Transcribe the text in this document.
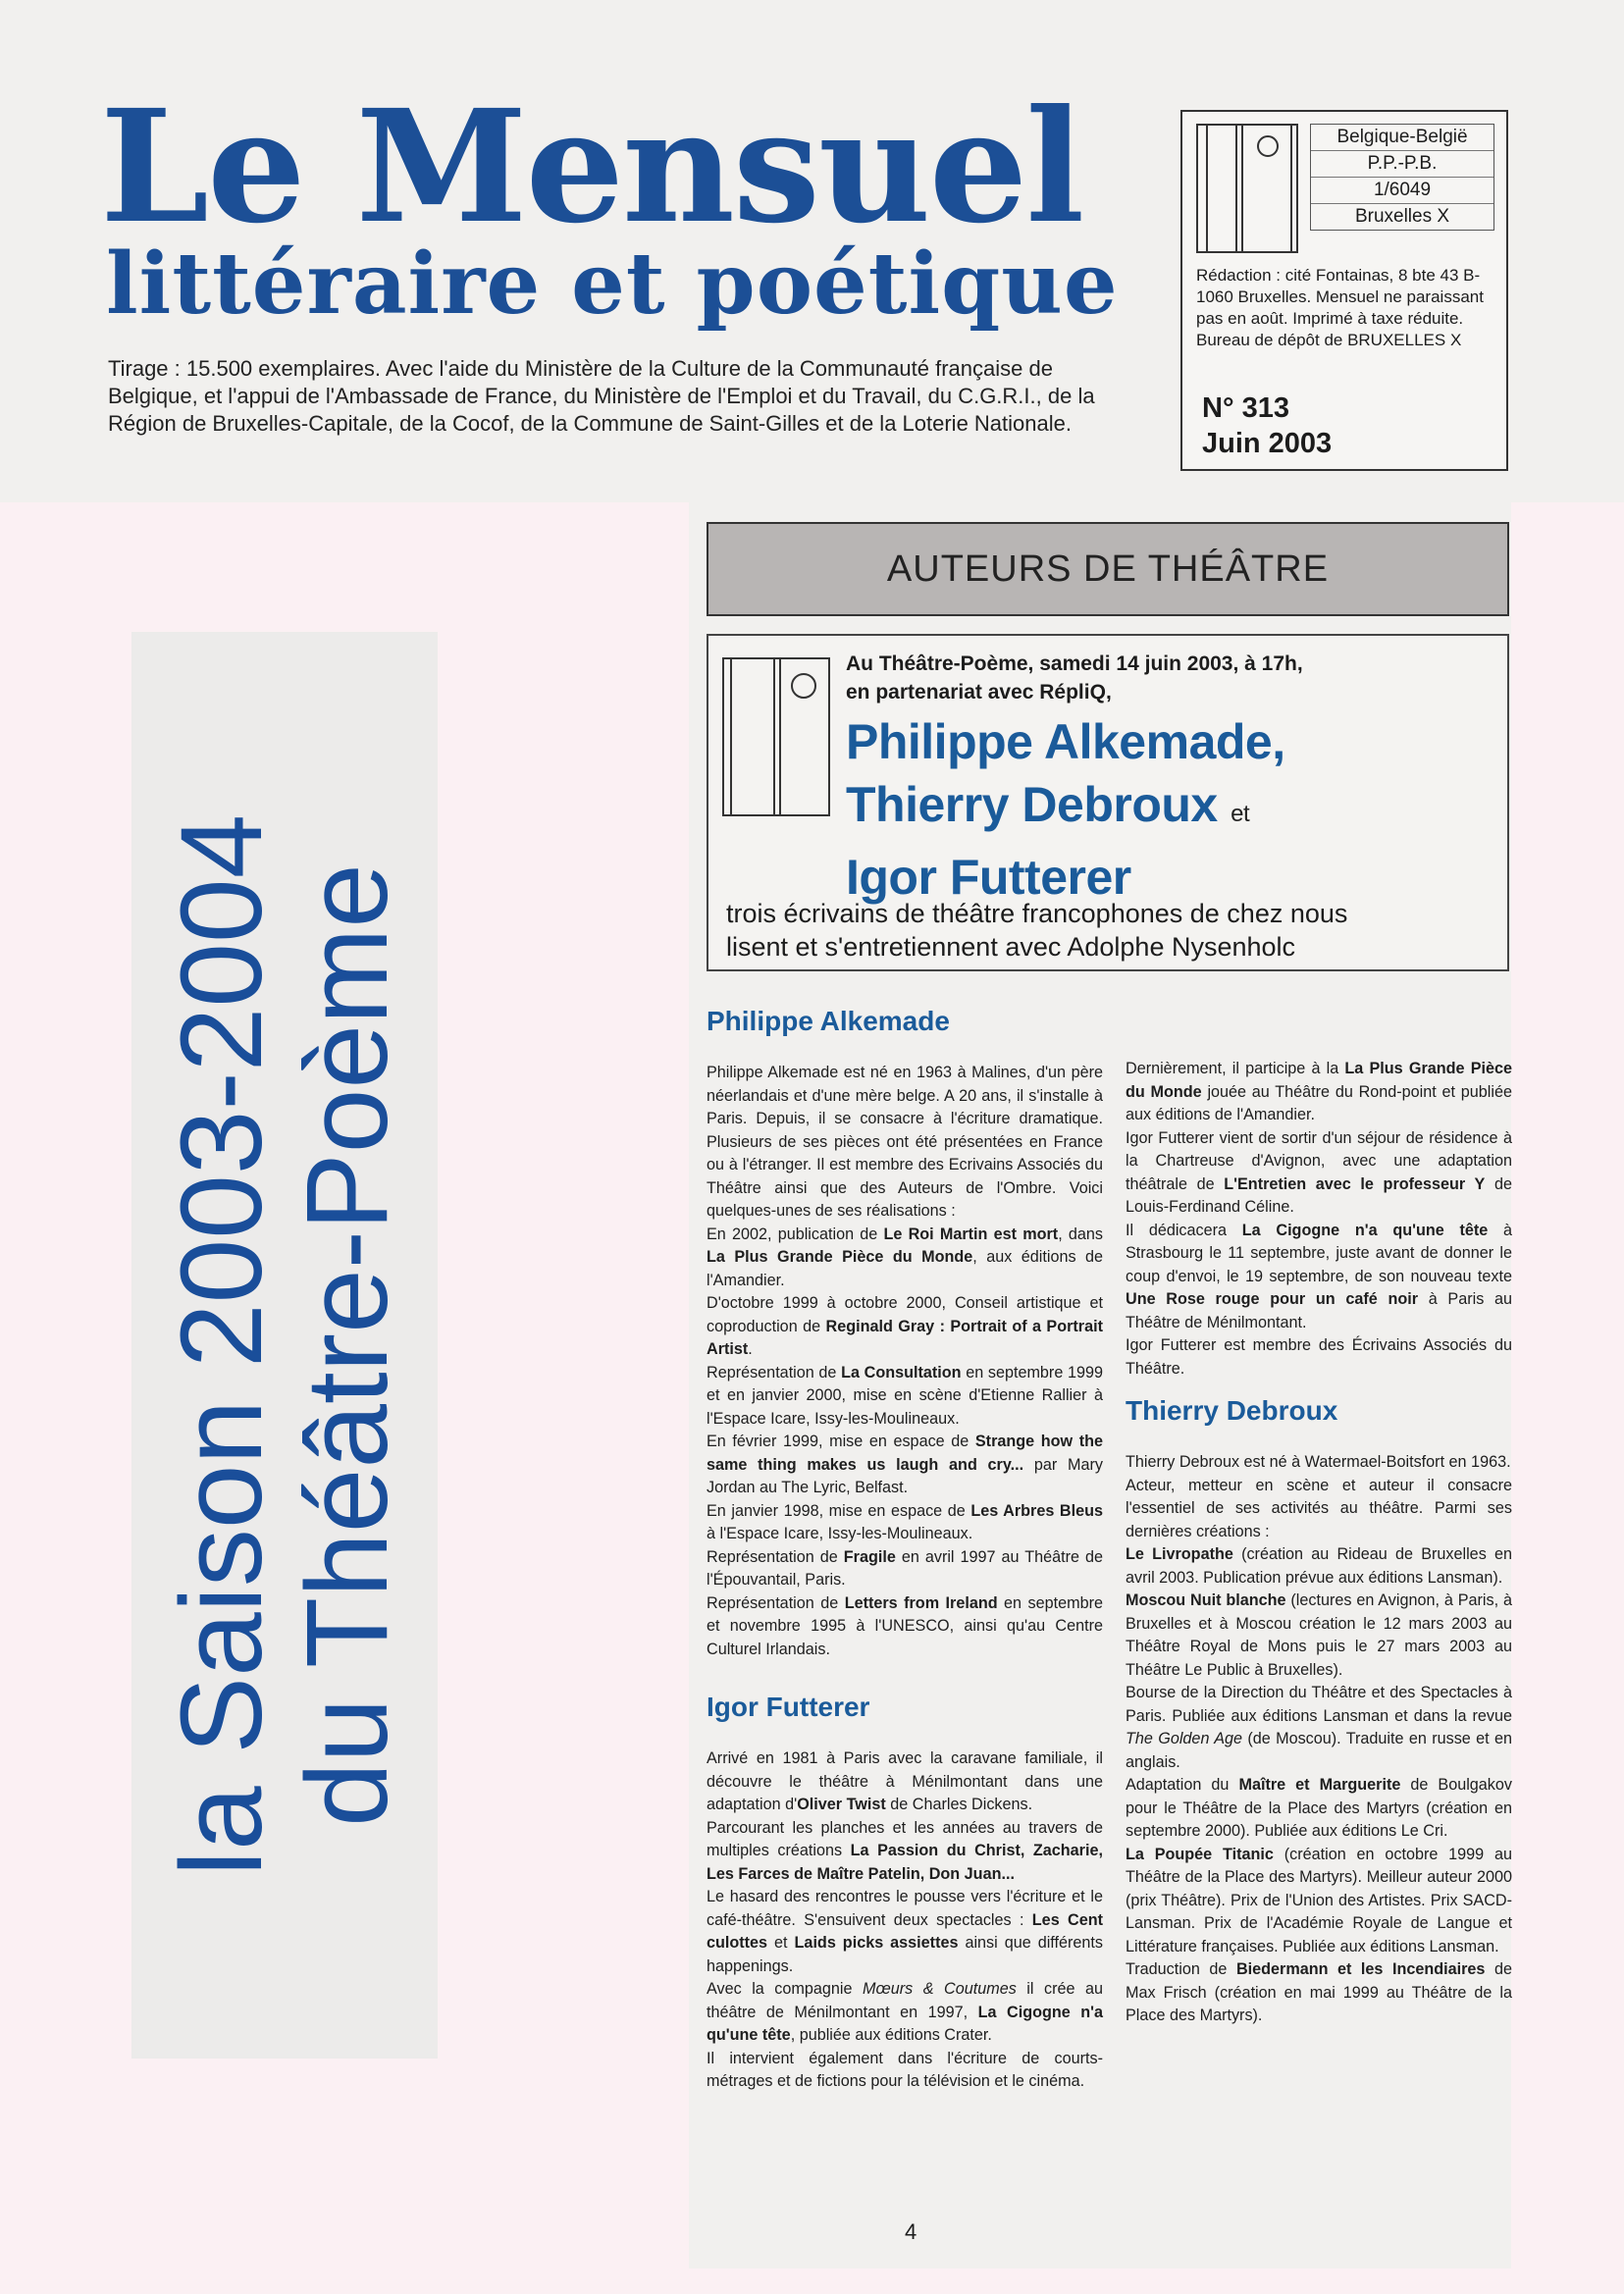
Le Mensuel
littéraire et poétique

Tirage : 15.500 exemplaires. Avec l'aide du Ministère de la Culture de la Communauté française de Belgique, et l'appui de l'Ambassade de France, du Ministère de l'Emploi et du Travail, du C.G.R.I., de la Région de Bruxelles-Capitale, de la Cocof, de la Commune de Saint-Gilles et de la Loterie Nationale.

Belgique-België
P.P.-P.B.
1/6049
Bruxelles X
Rédaction : cité Fontainas, 8 bte 43 B-1060 Bruxelles. Mensuel ne paraissant pas en août. Imprimé à taxe réduite. Bureau de dépôt de BRUXELLES X
N° 313
Juin 2003
la Saison 2003-2004
du Théâtre-Poème
AUTEURS DE THÉÂTRE
Au Théâtre-Poème, samedi 14 juin 2003, à 17h,
en partenariat avec RépliQ,
Philippe Alkemade,
Thierry Debroux et
Igor Futterer
trois écrivains de théâtre francophones de chez nous
lisent et s'entretiennent avec Adolphe Nysenholc
Philippe Alkemade

Philippe Alkemade est né en 1963 à Malines, d'un père néerlandais et d'une mère belge. A 20 ans, il s'installe à Paris. Depuis, il se consacre à l'écriture dramatique. Plusieurs de ses pièces ont été présentées en France ou à l'étranger. Il est membre des Ecrivains Associés du Théâtre ainsi que des Auteurs de l'Ombre. Voici quelques-unes de ses réalisations :

En 2002, publication de Le Roi Martin est mort, dans La Plus Grande Pièce du Monde, aux éditions de l'Amandier.

D'octobre 1999 à octobre 2000, Conseil artistique et coproduction de Reginald Gray : Portrait of a Portrait Artist.

Représentation de La Consultation en septembre 1999 et en janvier 2000, mise en scène d'Etienne Rallier à l'Espace Icare, Issy-les-Moulineaux.

En février 1999, mise en espace de Strange how the same thing makes us laugh and cry... par Mary Jordan au The Lyric, Belfast.

En janvier 1998, mise en espace de Les Arbres Bleus à l'Espace Icare, Issy-les-Moulineaux.

Représentation de Fragile en avril 1997 au Théâtre de l'Épouvantail, Paris.

Représentation de Letters from Ireland en septembre et novembre 1995 à l'UNESCO, ainsi qu'au Centre Culturel Irlandais.

Igor Futterer

Arrivé en 1981 à Paris avec la caravane familiale, il découvre le théâtre à Ménilmontant dans une adaptation d'Oliver Twist de Charles Dickens.

Parcourant les planches et les années au travers de multiples créations La Passion du Christ, Zacharie, Les Farces de Maître Patelin, Don Juan...

Le hasard des rencontres le pousse vers l'écriture et le café-théâtre. S'ensuivent deux spectacles : Les Cent culottes et Laids picks assiettes ainsi que différents happenings.

Avec la compagnie Mœurs & Coutumes il crée au théâtre de Ménilmontant en 1997, La Cigogne n'a qu'une tête, publiée aux éditions Crater.

Il intervient également dans l'écriture de courts-métrages et de fictions pour la télévision et le cinéma.

Dernièrement, il participe à la La Plus Grande Pièce du Monde jouée au Théâtre du Rond-point et publiée aux éditions de l'Amandier.

Igor Futterer vient de sortir d'un séjour de résidence à la Chartreuse d'Avignon, avec une adaptation théâtrale de L'Entretien avec le professeur Y de Louis-Ferdinand Céline.

Il dédicacera La Cigogne n'a qu'une tête à Strasbourg le 11 septembre, juste avant de donner le coup d'envoi, le 19 septembre, de son nouveau texte Une Rose rouge pour un café noir à Paris au Théâtre de Ménilmontant.

Igor Futterer est membre des Écrivains Associés du Théâtre.

Thierry Debroux

Thierry Debroux est né à Watermael-Boitsfort en 1963.

Acteur, metteur en scène et auteur il consacre l'essentiel de ses activités au théâtre. Parmi ses dernières créations :

Le Livropathe (création au Rideau de Bruxelles en avril 2003. Publication prévue aux éditions Lansman).

Moscou Nuit blanche (lectures en Avignon, à Paris, à Bruxelles et à Moscou création le 12 mars 2003 au Théâtre Royal de Mons puis le 27 mars 2003 au Théâtre Le Public à Bruxelles).

Bourse de la Direction du Théâtre et des Spectacles à Paris. Publiée aux éditions Lansman et dans la revue The Golden Age (de Moscou). Traduite en russe et en anglais.

Adaptation du Maître et Marguerite de Boulgakov pour le Théâtre de la Place des Martyrs (création en septembre 2000). Publiée aux éditions Le Cri.

La Poupée Titanic (création en octobre 1999 au Théâtre de la Place des Martyrs). Meilleur auteur 2000 (prix Théâtre). Prix de l'Union des Artistes. Prix SACD-Lansman. Prix de l'Académie Royale de Langue et Littérature françaises. Publiée aux éditions Lansman.

Traduction de Biedermann et les Incendiaires de Max Frisch (création en mai 1999 au Théâtre de la Place des Martyrs).

4
